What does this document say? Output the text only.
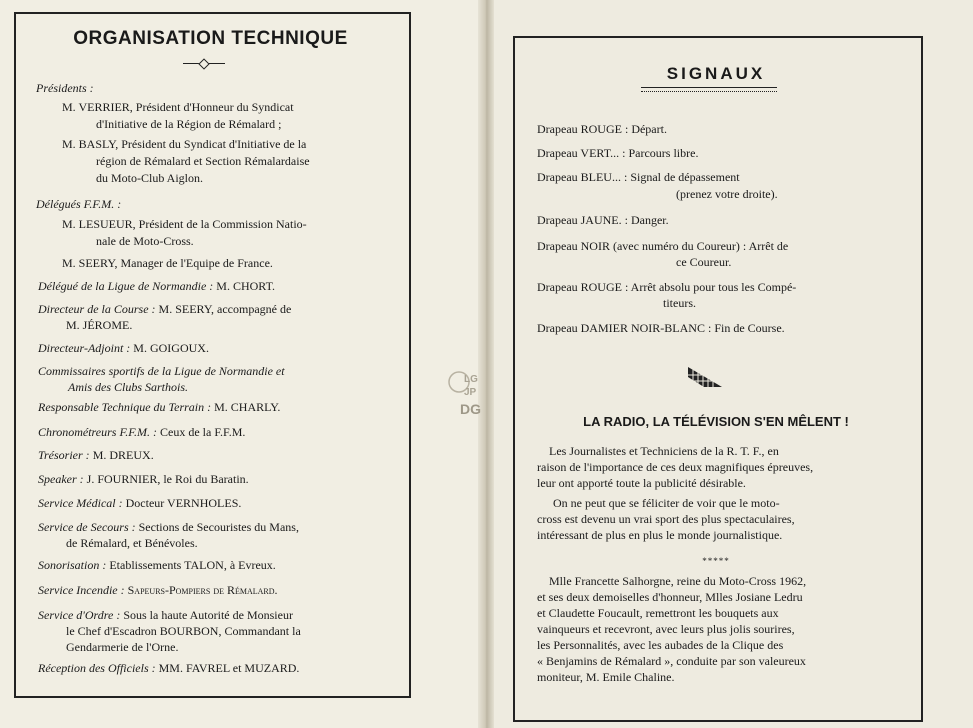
ORGANISATION TECHNIQUE
Présidents :
M. VERRIER, Président d'Honneur du Syndicat
d'Initiative de la Région de Rémalard ;
M. BASLY, Président du Syndicat d'Initiative de la
région de Rémalard et Section Rémalardaise
du Moto-Club Aiglon.
Délégués F.F.M. :
M. LESUEUR, Président de la Commission Natio-
nale de Moto-Cross.
M. SEERY, Manager de l'Equipe de France.
Délégué de la Ligue de Normandie : M. CHORT.
Directeur de la Course : M. SEERY, accompagné de
M. JÉROME.
Directeur-Adjoint : M. GOIGOUX.
Commissaires sportifs de la Ligue de Normandie et
Amis des Clubs Sarthois.
Responsable Technique du Terrain : M. CHARLY.
Chronométreurs F.F.M. : Ceux de la F.F.M.
Trésorier : M. DREUX.
Speaker : J. FOURNIER, le Roi du Baratin.
Service Médical : Docteur VERNHOLES.
Service de Secours : Sections de Secouristes du Mans,
de Rémalard, et Bénévoles.
Sonorisation : Etablissements TALON, à Evreux.
Service Incendie : Sapeurs-Pompiers de Rémalard.
Service d'Ordre : Sous la haute Autorité de Monsieur
le Chef d'Escadron BOURBON, Commandant la
Gendarmerie de l'Orne.
Réception des Officiels : MM. FAVREL et MUZARD.
LG
JP
DG
SIGNAUX
Drapeau ROUGE : Départ.
Drapeau VERT... : Parcours libre.
Drapeau BLEU... : Signal de dépassement
(prenez votre droite).
Drapeau JAUNE. : Danger.
Drapeau NOIR (avec numéro du Coureur) : Arrêt de
ce Coureur.
Drapeau ROUGE : Arrêt absolu pour tous les Compé-
titeurs.
Drapeau DAMIER NOIR-BLANC : Fin de Course.
LA RADIO, LA TÉLÉVISION S'EN MÊLENT !
Les Journalistes et Techniciens de la R. T. F., en
raison de l'importance de ces deux magnifiques épreuves,
leur ont apporté toute la publicité désirable.
On ne peut que se féliciter de voir que le moto-
cross est devenu un vrai sport des plus spectaculaires,
intéressant de plus en plus le monde journalistique.
*****
Mlle Francette Salhorgne, reine du Moto-Cross 1962,
et ses deux demoiselles d'honneur, Mlles Josiane Ledru
et Claudette Foucault, remettront les bouquets aux
vainqueurs et recevront, avec leurs plus jolis sourires,
les Personnalités, avec les aubades de la Clique des
« Benjamins de Rémalard », conduite par son valeureux
moniteur, M. Emile Chaline.
